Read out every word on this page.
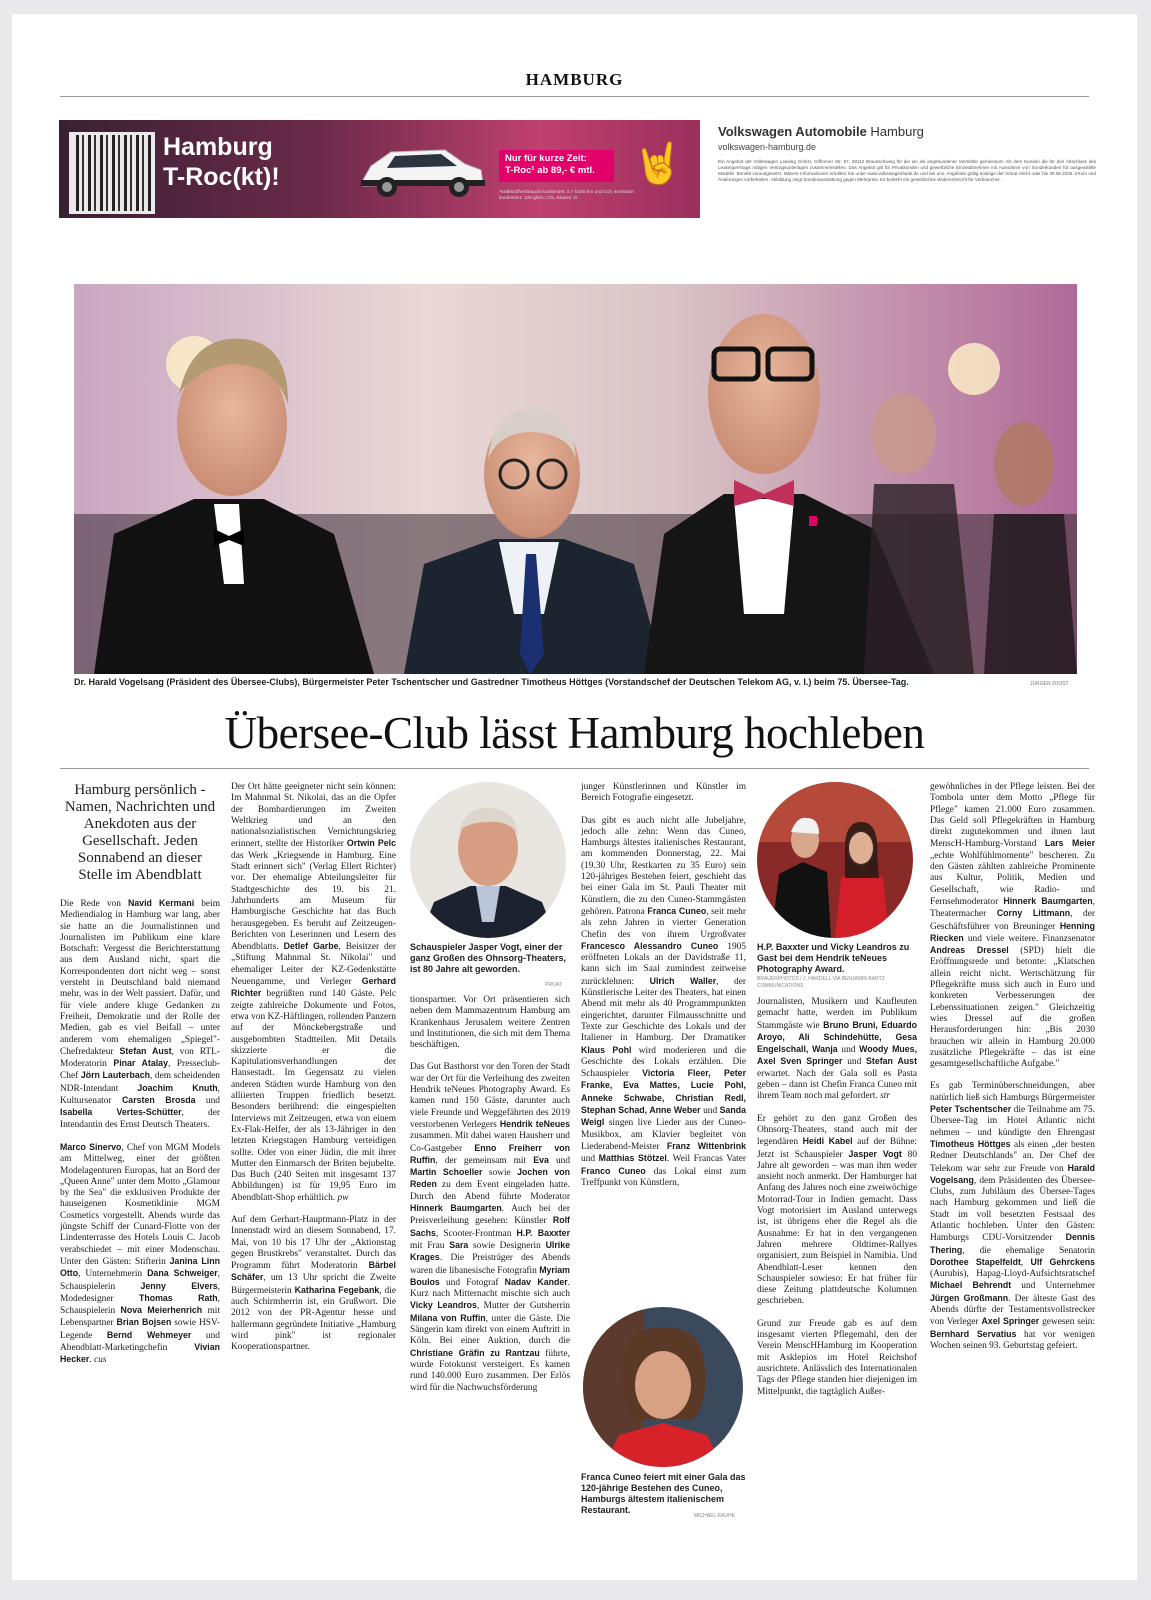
HAMBURG
Hamburg
T-Roc(kt)!
Nur für kurze Zeit:
T-Roc¹ ab 89,- € mtl. 🤘
¹Kraftstoffverbrauch kombiniert: 5,7 l/100 km und CO₂-Emission kombiniert: 129 g/km; CO₂-Klasse: D
Volkswagen Automobile Hamburg
volkswagen-hamburg.de
Ein Angebot der Volkswagen Leasing GmbH, Gifhorner Str. 57, 38112 Braunschweig für die ein als angebundener Vermittler gemeinsam mit dem Kunden die für den Abschluss des Leasingvertrags nötigen Vertragsunterlagen zusammenstellen. Das Angebot gilt für Privatkunden und gewerbliche Einzelabnehmer mit Ausnahme von Sonderkunden für ausgewählte Modelle. Bonität vorausgesetzt. Nähere Informationen erhalten Sie unter www.volkswagenbank.de und bei uns. Angebote gültig solange der Vorrat reicht oder bis 30.06.2025. Irrtum und Änderungen vorbehalten. Abbildung zeigt Sonderausstattung gegen Mehrpreis. Es besteht ein gesetzliches Widerrufsrecht für Verbraucher.
Dr. Harald Vogelsang (Präsident des Übersee-Clubs), Bürgermeister Peter Tschentscher und Gastredner Timotheus Höttges (Vorstandschef der Deutschen Telekom AG, v. l.) beim 75. Übersee-Tag.	JÜRGEN JOOST
Übersee-Club lässt Hamburg hochleben

Hamburg persönlich - Namen, Nachrichten und Anekdoten aus der Gesellschaft. Jeden Sonnabend an dieser Stelle im Abendblatt

Die Rede von Navid Kermani beim Mediendialog in Hamburg war lang, aber sie hatte an die Journalistinnen und Journalisten im Publikum eine klare Botschaft: Vergesst die Berichterstattung aus dem Ausland nicht, spart die Korrespondenten dort nicht weg – sonst versteht in Deutschland bald niemand mehr, was in der Welt passiert. Dafür, und für viele andere kluge Gedanken zu Freiheit, Demokratie und der Rolle der Medien, gab es viel Beifall – unter anderem vom ehemaligen „Spiegel"-Chefredakteur Stefan Aust, von RTL-Moderatorin Pinar Atalay, Presseclub-Chef Jörn Lauterbach, dem scheidenden NDR-Intendant Joachim Knuth, Kultursenator Carsten Brosda und Isabella Vertes-Schütter, der Intendantin des Ernst Deutsch Theaters.

Marco Sinervo, Chef von MGM Models am Mittelweg, einer der größten Modelagenturen Europas, hat an Bord der „Queen Anne" unter dem Motto „Glamour by the Sea" die exklusiven Produkte der hauseigenen Kosmetiklinie MGM Cosmetics vorgestellt. Abends wurde das jüngste Schiff der Cunard-Flotte von der Lindenterrasse des Hotels Louis C. Jacob verabschiedet – mit einer Modenschau. Unter den Gästen: Stifterin Janina Linn Otto, Unternehmerin Dana Schweiger, Schauspielerin Jenny Elvers, Modedesigner Thomas Rath, Schauspielerin Nova Meierhenrich mit Lebenspartner Brian Bojsen sowie HSV-Legende Bernd Wehmeyer und Abendblatt-Marketingchefin Vivian Hecker. cus

Der Ort hätte geeigneter nicht sein können: Im Mahnmal St. Nikolai, das an die Opfer der Bombardierungen im Zweiten Weltkrieg und an den nationalsozialistischen Vernichtungskrieg erinnert, stellte der Historiker Ortwin Pelc das Werk „Kriegsende in Hamburg. Eine Stadt erinnert sich" (Verlag Ellert Richter) vor. Der ehemalige Abteilungsleiter für Stadtgeschichte des 19. bis 21. Jahrhunderts am Museum für Hamburgische Geschichte hat das Buch herausgegeben. Es beruht auf Zeitzeugen-Berichten von Leserinnen und Lesern des Abendblatts. Detlef Garbe, Beisitzer der „Stiftung Mahnmal St. Nikolai" und ehemaliger Leiter der KZ-Gedenkstätte Neuengamme, und Verleger Gerhard Richter begrüßten rund 140 Gäste. Pelc zeigte zahlreiche Dokumente und Fotos, etwa von KZ-Häftlingen, rollenden Panzern auf der Mönckebergstraße und ausgebombten Stadtteilen. Mit Details skizzierte er die Kapitulationsverhandlungen der Hansestadt. Im Gegensatz zu vielen anderen Städten wurde Hamburg von den alliierten Truppen friedlich besetzt. Besonders berührend: die eingespielten Interviews mit Zeitzeugen, etwa von einem Ex-Flak-Helfer, der als 13-Jähriger in den letzten Kriegstagen Hamburg verteidigen sollte. Oder von einer Jüdin, die mit ihrer Mutter den Einmarsch der Briten bejubelte. Das Buch (240 Seiten mit insgesamt 137 Abbildungen) ist für 19,95 Euro im Abendblatt-Shop erhältlich. pw

Auf dem Gerhart-Hauptmann-Platz in der Innenstadt wird an diesem Sonnabend, 17. Mai, von 10 bis 17 Uhr der „Aktionstag gegen Brustkrebs" veranstaltet. Durch das Programm führt Moderatorin Bärbel Schäfer, um 13 Uhr spricht die Zweite Bürgermeisterin Katharina Fegebank, die auch Schirmherrin ist, ein Grußwort. Die 2012 von der PR-Agentur hesse und hallermann gegründete Initiative „Hamburg wird pink" ist regionaler Kooperationspartner.

Schauspieler Jasper Vogt, einer der ganz Großen des Ohnsorg-Theaters, ist 80 Jahre alt geworden.
PRIVAT

tionspartner. Vor Ort präsentieren sich neben dem Mammazentrum Hamburg am Krankenhaus Jerusalem weitere Zentren und Institutionen, die sich mit dem Thema beschäftigen.

Das Gut Basthorst vor den Toren der Stadt war der Ort für die Verleihung des zweiten Hendrik teNeues Photography Award. Es kamen rund 150 Gäste, darunter auch viele Freunde und Weggefährten des 2019 verstorbenen Verlegers Hendrik teNeues zusammen. Mit dabei waren Hausherr und Co-Gastgeber Enno Freiherr von Ruffin, der gemeinsam mit Eva und Martin Schoeller sowie Jochen von Reden zu dem Event eingeladen hatte. Durch den Abend führte Moderator Hinnerk Baumgarten. Auch bei der Preisverleihung gesehen: Künstler Rolf Sachs, Scooter-Frontman H.P. Baxxter mit Frau Sara sowie Designerin Ulrike Krages. Die Preisträger des Abends waren die libanesische Fotografin Myriam Boulos und Fotograf Nadav Kander. Kurz nach Mitternacht mischte sich auch Vicky Leandros, Mutter der Gutsherrin Milana von Ruffin, unter die Gäste. Die Sängerin kam direkt von einem Auftritt in Köln. Bei einer Auktion, durch die Christiane Gräfin zu Rantzau führte, wurde Fotokunst versteigert. Es kamen rund 140.000 Euro zusammen. Der Erlös wird für die Nachwuchsförderung

junger Künstlerinnen und Künstler im Bereich Fotografie eingesetzt.

Das gibt es auch nicht alle Jubeljahre, jedoch alle zehn: Wenn das Cuneo, Hamburgs ältestes italienisches Restaurant, am kommenden Donnerstag, 22. Mai (19.30 Uhr, Restkarten zu 35 Euro) sein 120-jähriges Bestehen feiert, geschieht das bei einer Gala im St. Pauli Theater mit Künstlern, die zu den Cuneo-Stammgästen gehören. Patrona Franca Cuneo, seit mehr als zehn Jahren in vierter Generation Chefin des von ihrem Urgroßvater Francesco Alessandro Cuneo 1905 eröffneten Lokals an der Davidstraße 11, kann sich im Saal zumindest zeitweise zurücklehnen: Ulrich Waller, der Künstlerische Leiter des Theaters, hat einen Abend mit mehr als 40 Programmpunkten eingerichtet, darunter Filmausschnitte und Texte zur Geschichte des Lokals und der Italiener in Hamburg. Der Dramatiker Klaus Pohl wird moderieren und die Geschichte des Lokals erzählen. Die Schauspieler Victoria Fleer, Peter Franke, Eva Mattes, Lucie Pohl, Anneke Schwabe, Christian Redl, Stephan Schad, Anne Weber und Sanda Weigl singen live Lieder aus der Cuneo-Musikbox, am Klavier begleitet von Liederabend-Meister Franz Wittenbrink und Matthias Stötzel. Weil Francas Vater Franco Cuneo das Lokal einst zum Treffpunkt von Künstlern,

Franca Cuneo feiert mit einer Gala das 120-jährige Bestehen des Cuneo, Hamburgs ältestem italienischem Restaurant.
MICHAEL RAUHE
H.P. Baxxter und Vicky Leandros zu Gast bei dem Hendrik teNeues Photography Award.
BRAUERPHOTOS / J. HARDELL VIA BENJAMIN BARTZ COMMUNICATIONS

Journalisten, Musikern und Kaufleuten gemacht hatte, werden im Publikum Stammgäste wie Bruno Bruni, Eduardo Aroyo, Ali Schindehütte, Gesa Engelschall, Wanja und Woody Mues, Axel Sven Springer und Stefan Aust erwartet. Nach der Gala soll es Pasta geben – dann ist Chefin Franca Cuneo mit ihrem Team noch mal gefordert. str

Er gehört zu den ganz Großen des Ohnsorg-Theaters, stand auch mit der legendären Heidi Kabel auf der Bühne: Jetzt ist Schauspieler Jasper Vogt 80 Jahre alt geworden – was man ihm weder ansieht noch anmerkt. Der Hamburger hat Anfang des Jahres noch eine zweiwöchige Motorrad-Tour in Indien gemacht. Dass Vogt motorisiert im Ausland unterwegs ist, ist übrigens eher die Regel als die Ausnahme: Er hat in den vergangenen Jahren mehrere Oldtimer-Rallyes organisiert, zum Beispiel in Namibia. Und Abendblatt-Leser kennen den Schauspieler sowieso: Er hat früher für diese Zeitung plattdeutsche Kolumnen geschrieben.

Grund zur Freude gab es auf dem insgesamt vierten Pflegemahl, den der Verein MenscHHamburg im Kooperation mit Asklepios im Hotel Reichshof ausrichtete. Anlässlich des Internationalen Tags der Pflege standen hier diejenigen im Mittelpunkt, die tagtäglich Außer-

gewöhnliches in der Pflege leisten. Bei der Tombola unter dem Motto „Pflege für Pflege" kamen 21.000 Euro zusammen. Das Geld soll Pflegekräften in Hamburg direkt zugutekommen und ihnen laut MenscH-Hamburg-Vorstand Lars Meier „echte Wohlfühlmomente" bescheren. Zu den Gästen zählten zahlreiche Prominente aus Kultur, Politik, Medien und Gesellschaft, wie Radio- und Fernsehmoderator Hinnerk Baumgarten, Theatermacher Corny Littmann, der Geschäftsführer von Breuninger Henning Riecken und viele weitere. Finanzsenator Andreas Dressel (SPD) hielt die Eröffnungsrede und betonte: „Klatschen allein reicht nicht. Wertschätzung für Pflegekräfte muss sich auch in Euro und konkreten Verbesserungen der Lebenssituationen zeigen." Gleichzeitig wies Dressel auf die großen Herausforderungen hin: „Bis 2030 brauchen wir allein in Hamburg 20.000 zusätzliche Pflegekräfte – das ist eine gesamtgesellschaftliche Aufgabe."

Es gab Terminüberschneidungen, aber natürlich ließ sich Hamburgs Bürgermeister Peter Tschentscher die Teilnahme am 75. Übersee-Tag im Hotel Atlantic nicht nehmen – und kündigte den Ehrengast Timotheus Höttges als einen „der besten Redner Deutschlands" an. Der Chef der Telekom war sehr zur Freude von Harald Vogelsang, dem Präsidenten des Übersee-Clubs, zum Jubiläum des Übersee-Tages nach Hamburg gekommen und ließ die Stadt im voll besetzten Festsaal des Atlantic hochleben. Unter den Gästen: Hamburgs CDU-Vorsitzender Dennis Thering, die ehemalige Senatorin Dorothee Stapelfeldt, Ulf Gehrckens (Aurubis), Hapag-Lloyd-Aufsichtsratschef Michael Behrendt und Unternehmer Jürgen Großmann. Der älteste Gast des Abends dürfte der Testamentsvollstrecker von Verleger Axel Springer gewesen sein: Bernhard Servatius hat vor wenigen Wochen seinen 93. Geburtstag gefeiert.
